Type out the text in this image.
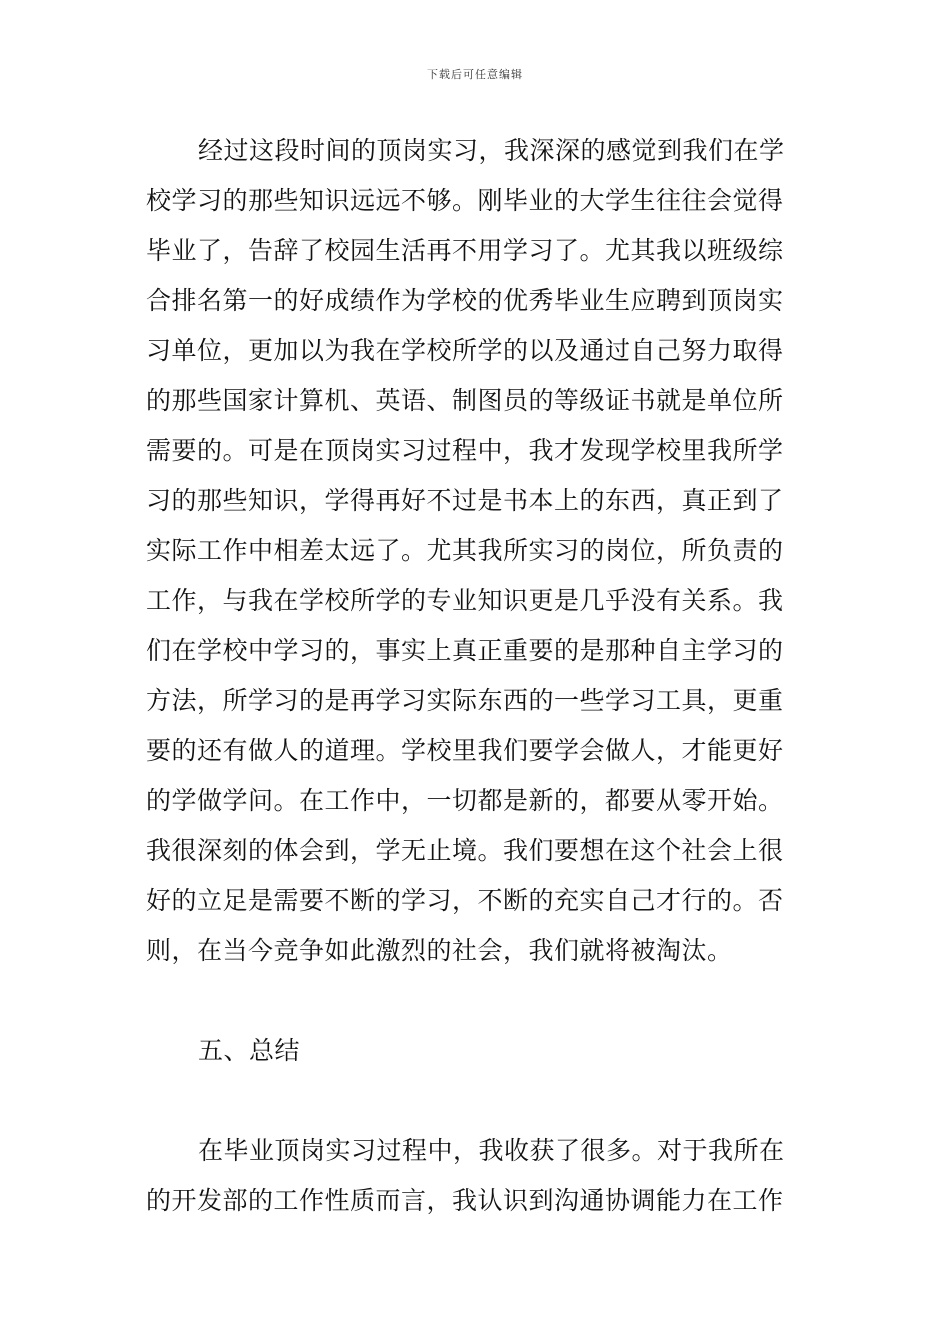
下载后可任意编辑

经过这段时间的顶岗实习，我深深的感觉到我们在学
校学习的那些知识远远不够。刚毕业的大学生往往会觉得
毕业了，告辞了校园生活再不用学习了。尤其我以班级综
合排名第一的好成绩作为学校的优秀毕业生应聘到顶岗实
习单位，更加以为我在学校所学的以及通过自己努力取得
的那些国家计算机、英语、制图员的等级证书就是单位所
需要的。可是在顶岗实习过程中，我才发现学校里我所学
习的那些知识，学得再好不过是书本上的东西，真正到了
实际工作中相差太远了。尤其我所实习的岗位，所负责的
工作，与我在学校所学的专业知识更是几乎没有关系。我
们在学校中学习的，事实上真正重要的是那种自主学习的
方法，所学习的是再学习实际东西的一些学习工具，更重
要的还有做人的道理。学校里我们要学会做人，才能更好
的学做学问。在工作中，一切都是新的，都要从零开始。
我很深刻的体会到，学无止境。我们要想在这个社会上很
好的立足是需要不断的学习，不断的充实自己才行的。否
则，在当今竞争如此激烈的社会，我们就将被淘汰。

五、总结

在毕业顶岗实习过程中，我收获了很多。对于我所在
的开发部的工作性质而言，我认识到沟通协调能力在工作
